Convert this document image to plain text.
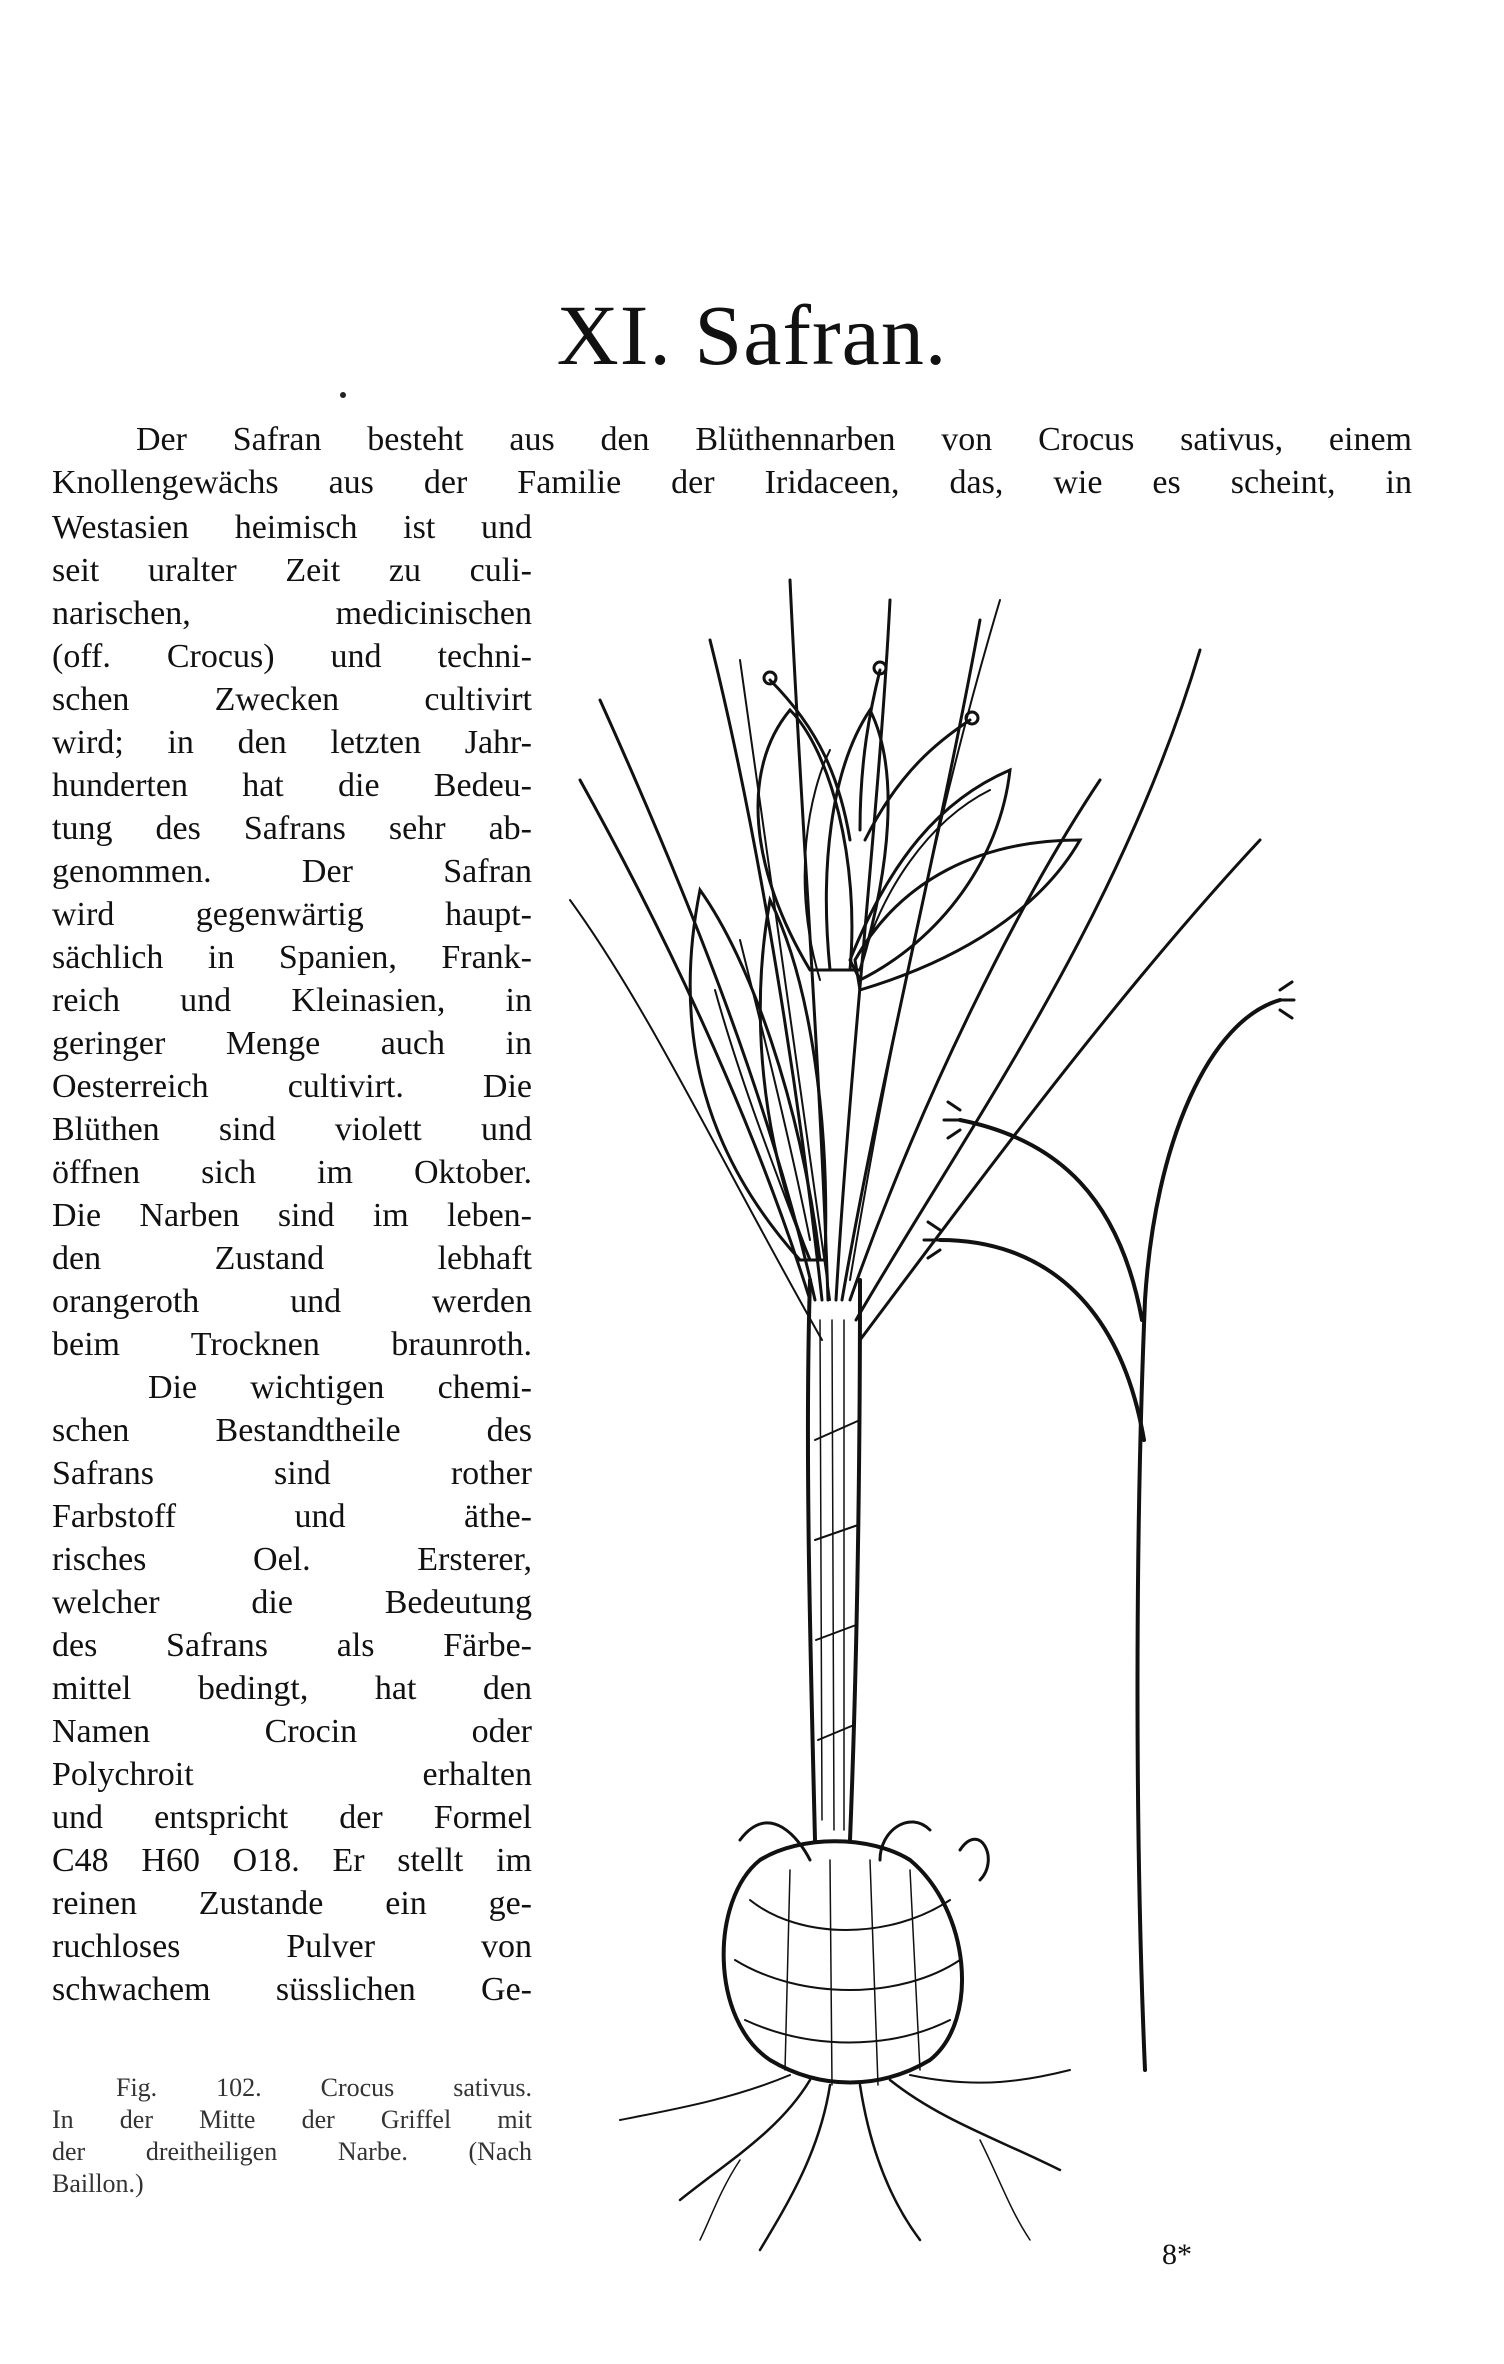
XI. Safran.
Der Safran besteht aus den Blüthennarben von Crocus sativus, einem
Knollengewächs aus der Familie der Iridaceen, das, wie es scheint, in
Westasien heimisch ist und
seit uralter Zeit zu culi-
narischen, medicinischen
(off. Crocus) und techni-
schen Zwecken cultivirt
wird; in den letzten Jahr-
hunderten hat die Bedeu-
tung des Safrans sehr ab-
genommen. Der Safran
wird gegenwärtig haupt-
sächlich in Spanien, Frank-
reich und Kleinasien, in
geringer Menge auch in
Oesterreich cultivirt. Die
Blüthen sind violett und
öffnen sich im Oktober.
Die Narben sind im leben-
den Zustand lebhaft
orangeroth und werden
beim Trocknen braunroth.
Die wichtigen chemi-
schen Bestandtheile des
Safrans sind rother
Farbstoff und äthe-
risches Oel. Ersterer,
welcher die Bedeutung
des Safrans als Färbe-
mittel bedingt, hat den
Namen Crocin oder
Polychroit erhalten
und entspricht der Formel
C48 H60 O18. Er stellt im
reinen Zustande ein ge-
ruchloses Pulver von
schwachem süsslichen Ge-
Fig. 102. Crocus sativus.
In der Mitte der Griffel mit
der dreitheiligen Narbe. (Nach
Baillon.)
8*
